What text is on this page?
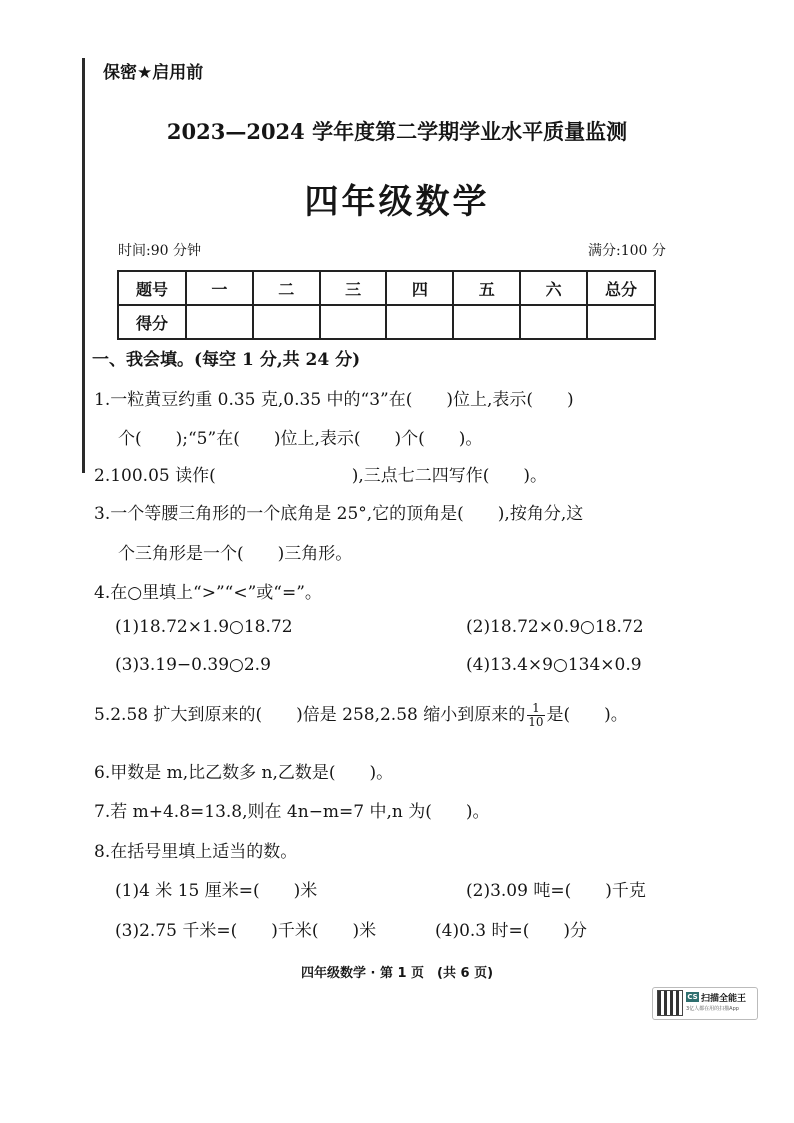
保密★启用前
2023—2024 学年度第二学期学业水平质量监测
四年级数学
时间:90 分钟	满分:100 分
题号	一	二	三	四	五	六	总分
得分							
一、我会填。(每空 1 分,共 24 分)
1.一粒黄豆约重 0.35 克,0.35 中的“3”在(　　)位上,表示(　　)
个(　　);“5”在(　　)位上,表示(　　)个(　　)。
2.100.05 读作(　　　　　　　　),三点七二四写作(　　)。
3.一个等腰三角形的一个底角是 25°,它的顶角是(　　),按角分,这
个三角形是一个(　　)三角形。
4.在○里填上“>”“<”或“=”。
(1)18.72×1.9○18.72	(2)18.72×0.9○18.72
(3)3.19−0.39○2.9	(4)13.4×9○134×0.9
5.2.58 扩大到原来的(　　)倍是 258,2.58 缩小到原来的 $\frac{1}{10}$ 是(　　)。
6.甲数是 m,比乙数多 n,乙数是(　　)。
7.若 m+4.8=13.8,则在 4n−m=7 中,n 为(　　)。
8.在括号里填上适当的数。
(1)4 米 15 厘米=(　　)米	(2)3.09 吨=(　　)千克
(3)2.75 千米=(　　)千米(　　)米	(4)0.3 时=(　　)分
四年级数学 · 第 1 页　(共 6 页)
CS 扫描全能王
3亿人都在用的扫描App
